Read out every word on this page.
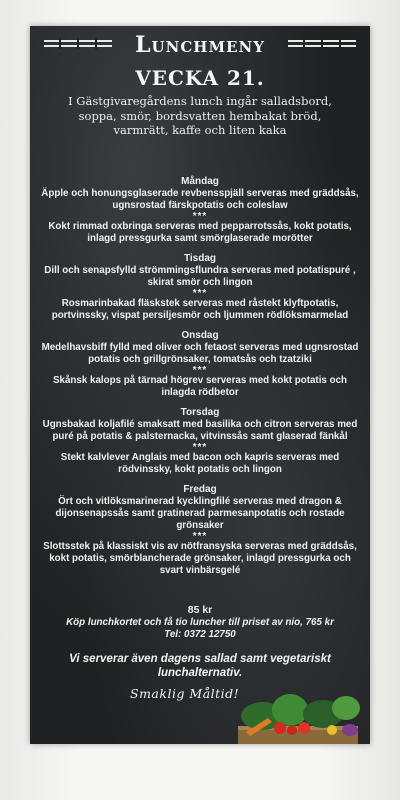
Lunchmeny
VECKA 21.
I Gästgivaregårdens lunch ingår salladsbord, soppa, smör, bordsvatten hembakat bröd, varmrätt, kaffe och liten kaka
Måndag
Äpple och honungsglaserade revbensspjäll serveras med gräddsås, ugnsrostad färskpotatis och coleslaw
***
Kokt rimmad oxbringa serveras med pepparrotssås, kokt potatis, inlagd pressgurka samt smörglaserade morötter
Tisdag
Dill och senapsfylld strömmingsflundra serveras med potatispuré , skirat smör och lingon
***
Rosmarinbakad fläskstek serveras med råstekt klyftpotatis, portvinssky, vispat persiljesmör och ljummen rödlöksmarmelad
Onsdag
Medelhavsbiff fylld med oliver och fetaost serveras med ugnsrostad potatis och grillgrönsaker, tomatsås och tzatziki
***
Skånsk kalops på tärnad högrev serveras med kokt potatis och inlagda rödbetor
Torsdag
Ugnsbakad koljafilé smaksatt med basilika och citron serveras med puré på potatis & palsternacka, vitvinssås samt glaserad fänkål
***
Stekt kalvlever Anglais med bacon och kapris serveras med rödvinssky, kokt potatis och lingon
Fredag
Ört och vitlöksmarinerad kycklingfilé serveras med dragon & dijonsenapssås samt gratinerad parmesanpotatis och rostade grönsaker
***
Slottsstek på klassiskt vis av nötfransyska serveras med gräddsås, kokt potatis, smörblancherade grönsaker, inlagd pressgurka och svart vinbärsgelé
85 kr
Köp lunchkortet och få tio luncher till priset av nio, 765 kr
Tel: 0372 12750
Vi serverar även dagens sallad samt vegetariskt lunchalternativ.
Smaklig Måltid!
